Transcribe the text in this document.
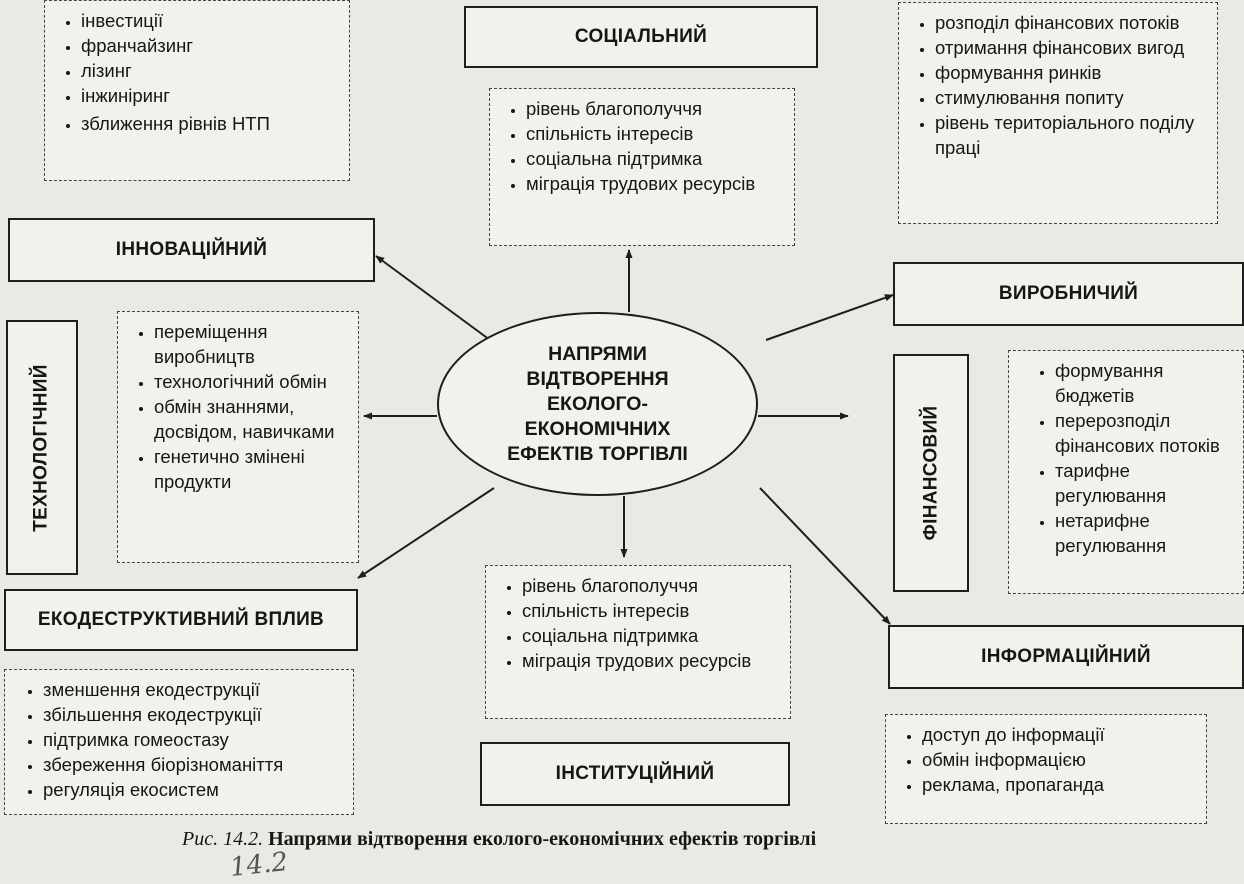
НАПРЯМИ
ВІДТВОРЕННЯ
ЕКОЛОГО-
ЕКОНОМІЧНИХ
ЕФЕКТІВ ТОРГІВЛІ
СОЦІАЛЬНИЙ
ІННОВАЦІЙНИЙ
ВИРОБНИЧИЙ
ТЕХНОЛОГІЧНИЙ	ФІНАНСОВИЙ
ЕКОДЕСТРУКТИВНИЙ ВПЛИВ
ІНФОРМАЦІЙНИЙ
ІНСТИТУЦІЙНИЙ
• інвестиції
• франчайзинг
• лізинг
• інжиніринг
• зближення рівнів НТП
• рівень благополуччя
• спільність інтересів
• соціальна підтримка
• міграція трудових ресурсів
• розподіл фінансових потоків
• отримання фінансових вигод
• формування ринків
• стимулювання попиту
• рівень територіального поділу праці
• переміщення виробництв
• технологічний обмін
• обмін знаннями, досвідом, навичками
• генетично змінені продукти
• формування бюджетів
• перерозподіл фінансових потоків
• тарифне регулювання
• нетарифне регулювання
• рівень благополуччя
• спільність інтересів
• соціальна підтримка
• міграція трудових ресурсів
• зменшення екодеструкції
• збільшення екодеструкції
• підтримка гомеостазу
• збереження біорізноманіття
• регуляція екосистем
• доступ до інформації
• обмін інформацією
• реклама, пропаганда
Рис. 14.2. Напрями відтворення еколого-економічних ефектів торгівлі
14.2
